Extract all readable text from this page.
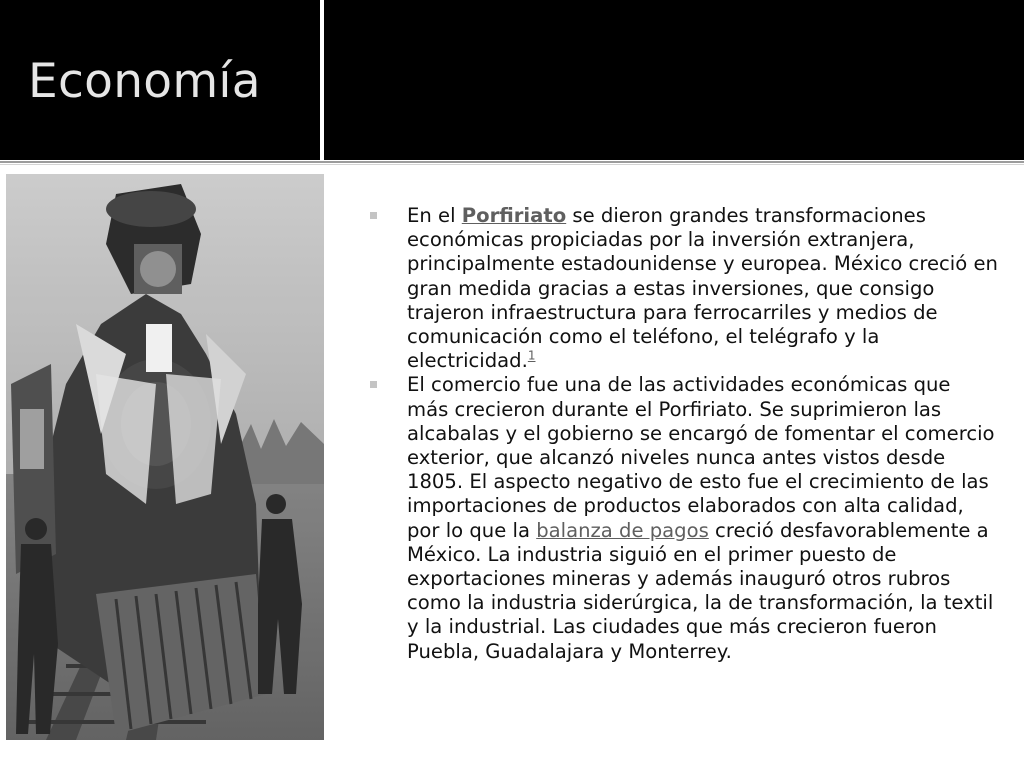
Economía
En el Porfiriato se dieron grandes transformaciones económicas propiciadas por la inversión extranjera, principalmente estadounidense y europea. México creció en gran medida gracias a estas inversiones, que consigo trajeron infraestructura para ferrocarriles y medios de comunicación como el teléfono, el telégrafo y la electricidad.$^1$
El comercio fue una de las actividades económicas que más crecieron durante el Porfiriato. Se suprimieron las alcabalas y el gobierno se encargó de fomentar el comercio exterior, que alcanzó niveles nunca antes vistos desde 1805. El aspecto negativo de esto fue el crecimiento de las importaciones de productos elaborados con alta calidad, por lo que la balanza de pagos creció desfavorablemente a México. La industria siguió en el primer puesto de exportaciones mineras y además inauguró otros rubros como la industria siderúrgica, la de transformación, la textil y la industrial. Las ciudades que más crecieron fueron Puebla, Guadalajara y Monterrey.
